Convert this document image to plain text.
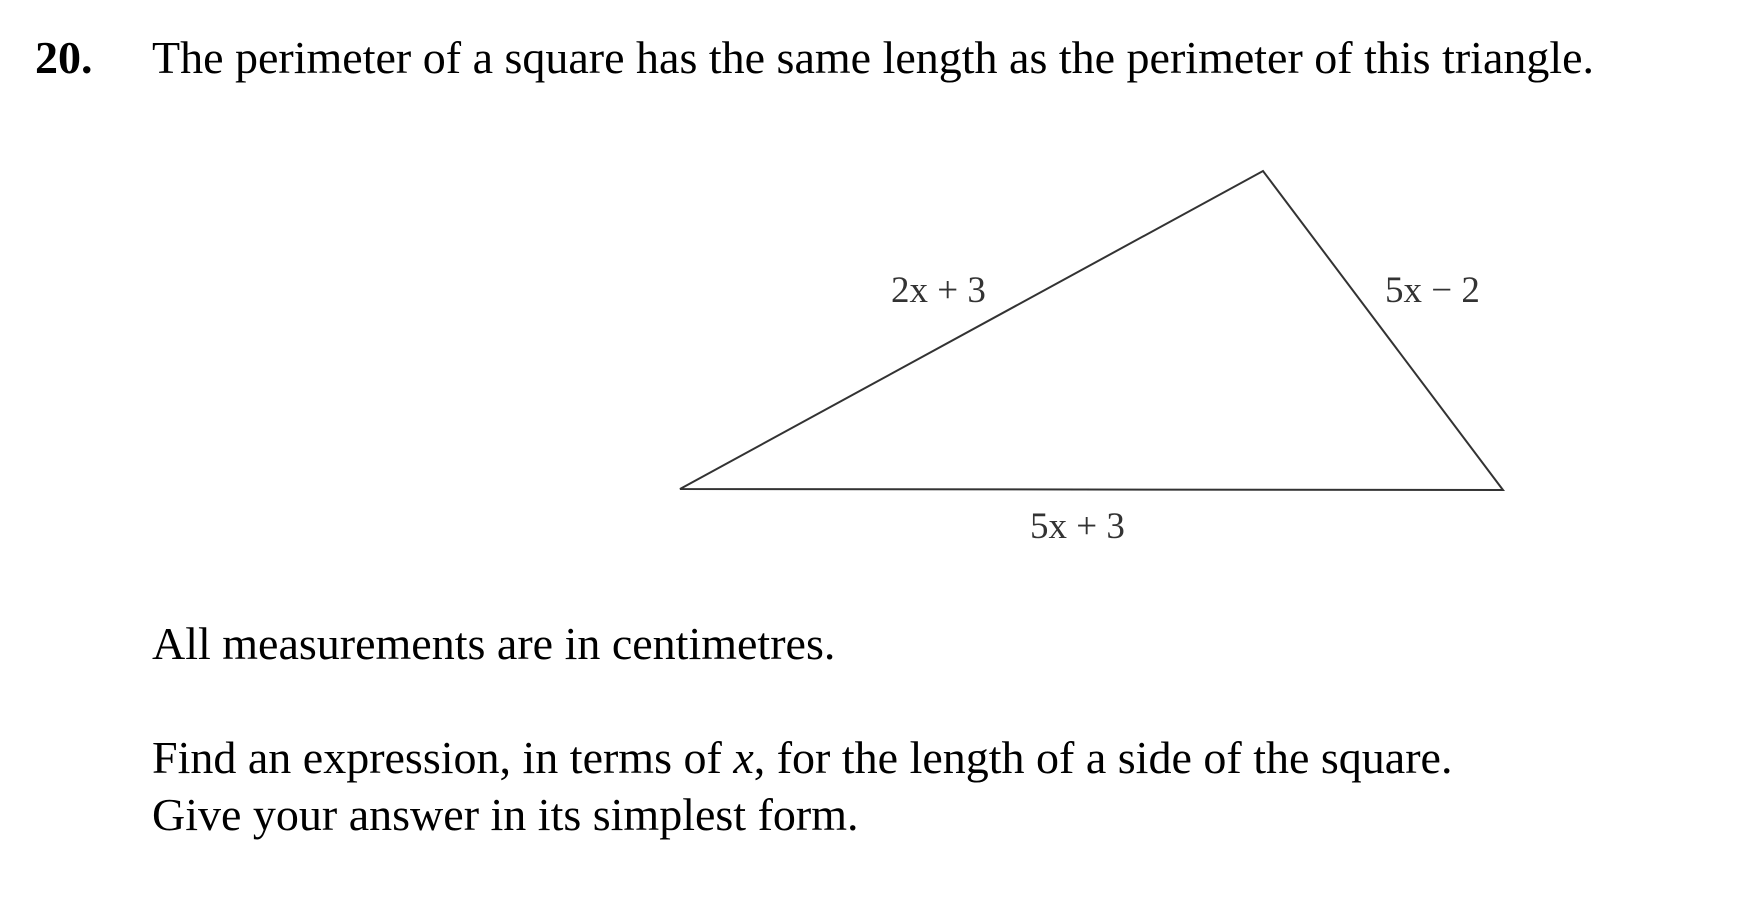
20. The perimeter of a square has the same length as the perimeter of this triangle.
2x + 3	5x − 2
5x + 3
All measurements are in centimetres.
Find an expression, in terms of x, for the length of a side of the square.
Give your answer in its simplest form.
